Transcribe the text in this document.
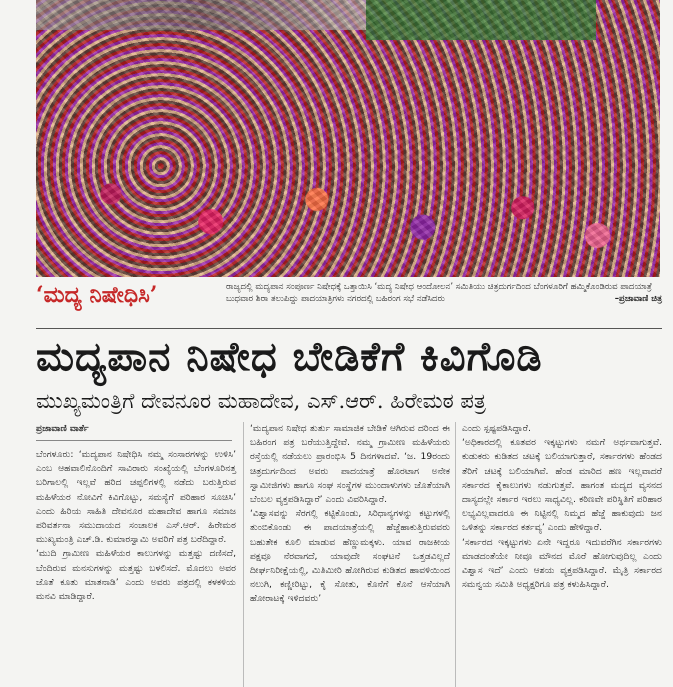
‘ಮದ್ಯ ನಿಷೇಧಿಸಿ’	ರಾಜ್ಯದಲ್ಲಿ ಮದ್ಯಪಾನ ಸಂಪೂರ್ಣ ನಿಷೇಧಕ್ಕೆ ಒತ್ತಾಯಿಸಿ ‘ಮದ್ಯ ನಿಷೇಧ ಆಂದೋಲನ’ ಸಮಿತಿಯು ಚಿತ್ರದುರ್ಗದಿಂದ ಬೆಂಗಳೂರಿಗೆ ಹಮ್ಮಿಕೊಂಡಿರುವ ಪಾದಯಾತ್ರೆ ಬುಧವಾರ ಶಿರಾ ತಲುಪಿದ್ದು ಪಾದಯಾತ್ರಿಗಳು ನಗರದಲ್ಲಿ ಬಹಿರಂಗ ಸಭೆ ನಡೆಸಿದರು	–ಪ್ರಜಾವಾಣಿ ಚಿತ್ರ
ಮದ್ಯಪಾನ ನಿಷೇಧ ಬೇಡಿಕೆಗೆ ಕಿವಿಗೊಡಿ
ಮುಖ್ಯಮಂತ್ರಿಗೆ ದೇವನೂರ ಮಹಾದೇವ, ಎಸ್.ಆರ್. ಹಿರೇಮಠ ಪತ್ರ
ಪ್ರಜಾವಾಣಿ ವಾರ್ತೆ

ಬೆಂಗಳೂರು: ‘ಮದ್ಯಪಾನ ನಿಷೇಧಿಸಿ ನಮ್ಮ ಸಂಸಾರಗಳನ್ನು ಉಳಿಸಿ’ ಎಂಬ ಆಹವಾಲಿನೊಂದಿಗೆ ಸಾವಿರಾರು ಸಂಖ್ಯೆಯಲ್ಲಿ ಬೆಂಗಳೂರಿನತ್ತ ಬರಿಗಾಲಲ್ಲಿ ಇಲ್ಲವೆ ಹರಿದ ಚಪ್ಪಲಿಗಳಲ್ಲಿ ನಡೆದು ಬರುತ್ತಿರುವ ಮಹಿಳೆಯರ ನೋವಿಗೆ ಕಿವಿಗೊಟ್ಟು, ಸಮಸ್ಯೆಗೆ ಪರಿಹಾರ ಸೂಚಿಸಿ’ ಎಂದು ಹಿರಿಯ ಸಾಹಿತಿ ದೇವನೂರ ಮಹಾದೇವ ಹಾಗೂ ಸಮಾಜ ಪರಿವರ್ತನಾ ಸಮುದಾಯದ ಸಂಚಾಲಕ ಎಸ್.ಆರ್. ಹಿರೇಮಠ ಮುಖ್ಯಮಂತ್ರಿ ಎಚ್.ಡಿ. ಕುಮಾರಸ್ವಾಮಿ ಅವರಿಗೆ ಪತ್ರ ಬರೆದಿದ್ದಾರೆ.

‘ಮುದಿ ಗ್ರಾಮೀಣ ಮಹಿಳೆಯರ ಕಾಲುಗಳನ್ನು ಮತ್ತಷ್ಟು ದಣಿಸದೆ, ಬೆಂದಿರುವ ಮನಸುಗಳನ್ನು ಮತ್ತಷ್ಟು ಬಳಲಿಸದೆ. ಮೊದಲು ಅವರ ಜೊತೆ ಕೂತು ಮಾತನಾಡಿ’ ಎಂದು ಅವರು ಪತ್ರದಲ್ಲಿ ಕಳಕಳಿಯ ಮನವಿ ಮಾಡಿದ್ದಾರೆ.

‘ಮದ್ಯಪಾನ ನಿಷೇಧ ತುರ್ತು ಸಾಮಾಜಿಕ ಬೇಡಿಕೆ ಆಗಿರುವ ದರಿಂದ ಈ ಬಹಿರಂಗ ಪತ್ರ ಬರೆಯುತ್ತಿದ್ದೇವೆ. ನಮ್ಮ ಗ್ರಾಮೀಣ ಮಹಿಳೆಯರು ರಸ್ತೆಯಲ್ಲಿ ನಡೆಯಲು ಪ್ರಾರಂಭಿಸಿ 5 ದಿನಗಳಾದವೆ. ‘ಜ. 19ರಂದು ಚಿತ್ರದುರ್ಗದಿಂದ ಅವರು ಪಾದಯಾತ್ರೆ ಹೊರಟಾಗ ಅನೇಕ ಸ್ವಾಮೀಜಿಗಳು ಹಾಗೂ ಸಂಘ ಸಂಸ್ಥೆಗಳ ಮುಂದಾಳುಗಳು ಜೊತೆಯಾಗಿ ಬೆಂಬಲ ವ್ಯಕ್ತಪಡಿಸಿದ್ದಾರೆ’ ಎಂದು ವಿವರಿಸಿದ್ದಾರೆ.

‘ವಿಶ್ವಾಸವನ್ನು ಸೆರಗಲ್ಲಿ ಕಟ್ಟಿಕೊಂಡು, ಸಿರಿಧಾನ್ಯಗಳನ್ನು ಕಟ್ಟುಗಳಲ್ಲಿ ತುಂಬಿಕೊಂಡು ಈ ಪಾದಯಾತ್ರೆಯಲ್ಲಿ ಹೆಜ್ಜೆಹಾಕುತ್ತಿರುವವರು ಬಹುತೇಕ ಕೂಲಿ ಮಾಡುವ ಹೆಣ್ಣುಮಕ್ಕಳು. ಯಾವ ರಾಜಕೀಯ ಪಕ್ಷವೂ ನೆರವಾಗದೆ, ಯಾವುದೇ ಸಂಘಟನೆ ಒತ್ತಡವಿಲ್ಲದೆ ದೀರ್ಘನಿರೀಕ್ಷೆಯಲ್ಲಿ, ಮಿತಿಮೀರಿ ಹೋಗಿರುವ ಕುಡಿತದ ಹಾವಳಿಯಿಂದ ನಲುಗಿ, ಕಣ್ಣೀರಿಟ್ಟು, ಕೈ ಸೋತು, ಕೊನೆಗೆ ಕೊನೆ ಆಸೆಯಾಗಿ ಹೋರಾಟಕ್ಕೆ ಇಳಿದವರು’

ಎಂದು ಸ್ಪಷ್ಟಪಡಿಸಿದ್ದಾರೆ.

‘ಅಧಿಕಾರದಲ್ಲಿ ಕೂತವರ ಇಕ್ಕಟ್ಟುಗಳು ನಮಗೆ ಅರ್ಥವಾಗುತ್ತವೆ. ಕುಡುಕರು ಕುಡಿತದ ಚಟಕ್ಕೆ ಬಲಿಯಾಗುತ್ತಾರೆ, ಸರ್ಕಾರಗಳು ಹೆಂಡದ ತೆರಿಗೆ ಚಟಕ್ಕೆ ಬಲಿಯಾಗಿವೆ. ಹೆಂಡ ಮಾರಿದ ಹಣ ಇಲ್ಲವಾದರೆ ಸರ್ಕಾರದ ಕೈಕಾಲುಗಳು ನಡುಗುತ್ತವೆ. ಹಾಗಂತ ಮದ್ಯದ ವ್ಯಸನದ ದಾಸ್ಯದಲ್ಲೇ ಸರ್ಕಾರ ಇರಲು ಸಾಧ್ಯವಿಲ್ಲ. ಕಠಿಣವೇ ಪರಿಸ್ಥಿತಿಗೆ ಪರಿಹಾರ ಲಭ್ಯವಿಲ್ಲವಾದರೂ ಈ ನಿಟ್ಟಿನಲ್ಲಿ ನಿಮ್ಮದ ಹೆಜ್ಜೆ ಹಾಕುವುದು ಜನ ಒಳಿತನ್ನು ಸರ್ಕಾರದ ಕರ್ತವ್ಯ’ ಎಂದು ಹೇಳಿದ್ದಾರೆ.

‘ಸರ್ಕಾರದ ಇಕ್ಕಟ್ಟುಗಳು ಏನೇ ಇದ್ದರೂ ಇದುವರೆಗಿನ ಸರ್ಕಾರಗಳು ಮಾಡದಂತೆಯೇ ನೀವೂ ಮೌನದ ಮೊರೆ ಹೋಗುವುದಿಲ್ಲ ಎಂದು ವಿಶ್ವಾಸ ಇದೆ’ ಎಂದು ಆಶಯ ವ್ಯಕ್ತಪಡಿಸಿದ್ದಾರೆ. ಮೈತ್ರಿ ಸರ್ಕಾರದ ಸಮನ್ವಯ ಸಮಿತಿ ಅಧ್ಯಕ್ಷರಿಗೂ ಪತ್ರ ಕಳುಹಿಸಿದ್ದಾರೆ.
